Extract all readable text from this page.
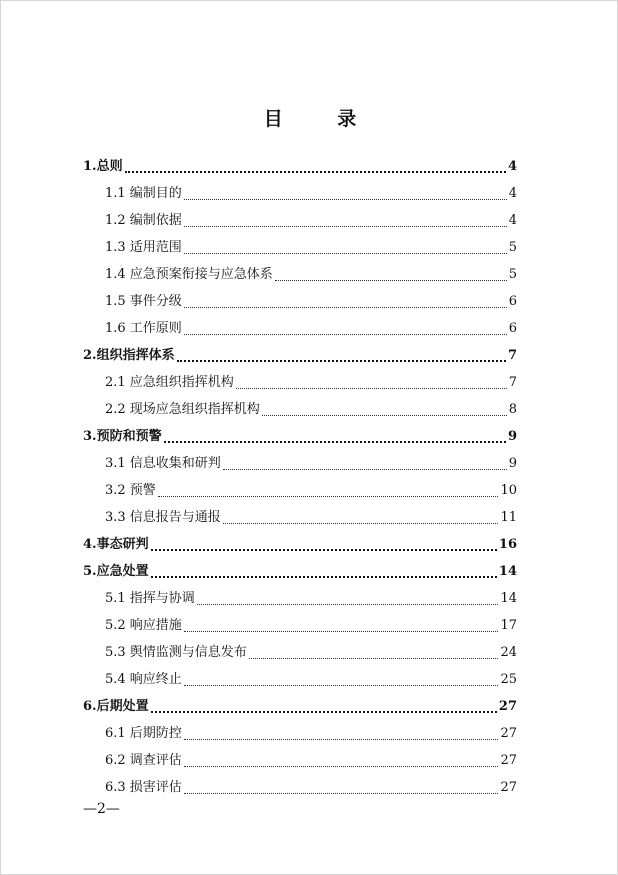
目 录
1.总则	4
1.1 编制目的	4
1.2 编制依据	4
1.3 适用范围	5
1.4 应急预案衔接与应急体系	5
1.5 事件分级	6
1.6 工作原则	6
2.组织指挥体系	7
2.1 应急组织指挥机构	7
2.2 现场应急组织指挥机构	8
3.预防和预警	9
3.1 信息收集和研判	9
3.2 预警	10
3.3 信息报告与通报	11
4.事态研判	16
5.应急处置	14
5.1 指挥与协调	14
5.2 响应措施	17
5.3 舆情监测与信息发布	24
5.4 响应终止	25
6.后期处置	27
6.1 后期防控	27
6.2 调查评估	27
6.3 损害评估	27
—2—
